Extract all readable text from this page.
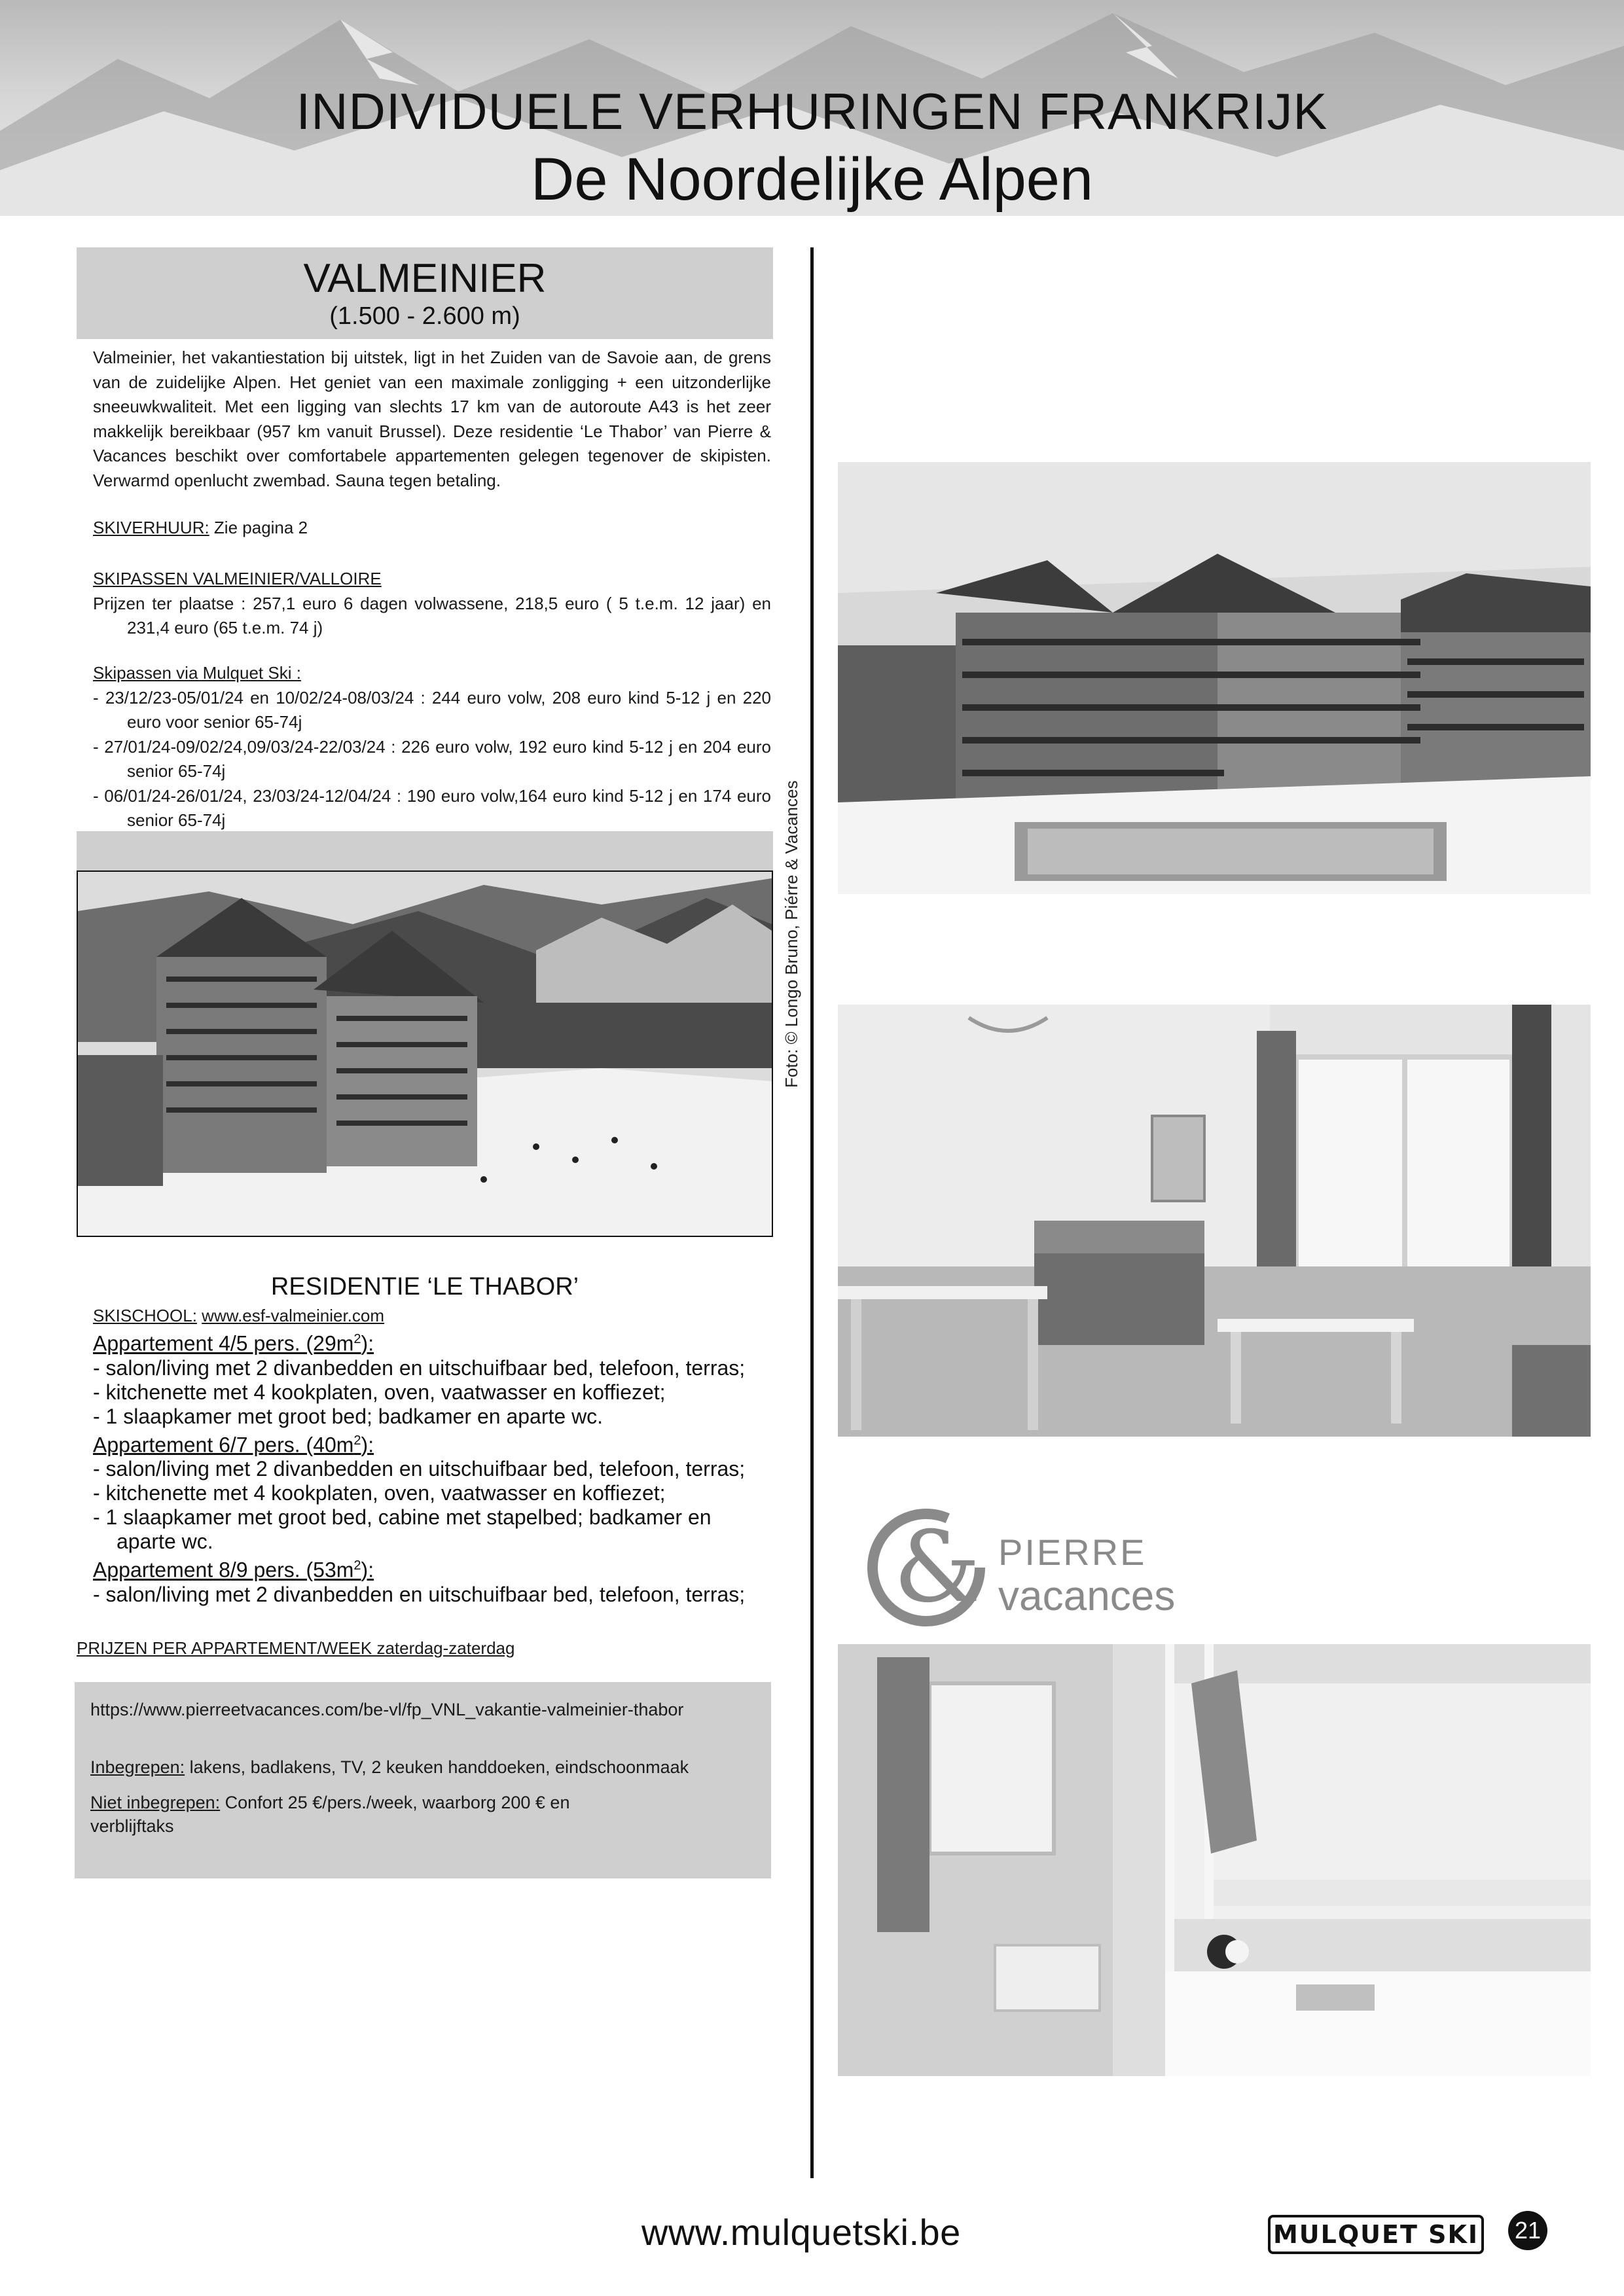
INDIVIDUELE VERHURINGEN FRANKRIJK
De Noordelijke Alpen
VALMEINIER
(1.500 - 2.600 m)
Valmeinier, het vakantiestation bij uitstek, ligt in het Zuiden van de Savoie aan, de grens van de zuidelijke Alpen. Het geniet van een maximale zonligging + een uitzonderlijke sneeuwkwaliteit. Met een ligging van slechts 17 km van de autoroute A43 is het zeer makkelijk bereikbaar (957 km vanuit Brussel). Deze residentie ‘Le Thabor’ van Pierre & Vacances beschikt over comfortabele appartementen gelegen tegenover de skipisten. Verwarmd openlucht zwembad. Sauna tegen betaling.
SKIVERHUUR: Zie pagina 2
SKIPASSEN VALMEINIER/VALLOIRE
Prijzen ter plaatse : 257,1 euro 6 dagen volwassene, 218,5 euro ( 5 t.e.m. 12 jaar) en 231,4 euro (65 t.e.m. 74 j)
Skipassen via Mulquet Ski :
- 23/12/23-05/01/24 en 10/02/24-08/03/24 : 244 euro volw, 208 euro kind 5-12 j en 220 euro voor senior 65-74j
- 27/01/24-09/02/24,09/03/24-22/03/24 : 226 euro volw, 192 euro kind 5-12 j en 204 euro senior 65-74j
- 06/01/24-26/01/24, 23/03/24-12/04/24 : 190 euro volw,164 euro kind 5-12 j en 174 euro senior 65-74j	Foto: © Longo Bruno, Piérre & Vacances
RESIDENTIE ‘LE THABOR’
SKISCHOOL: www.esf-valmeinier.com
Appartement 4/5 pers. $(29m^2)$:
- salon/living met 2 divanbedden en uitschuifbaar bed, telefoon, terras;
- kitchenette met 4 kookplaten, oven, vaatwasser en koffiezet;
- 1 slaapkamer met groot bed; badkamer en aparte wc.
Appartement 6/7 pers. $(40m^2)$:
- salon/living met 2 divanbedden en uitschuifbaar bed, telefoon, terras;
- kitchenette met 4 kookplaten, oven, vaatwasser en koffiezet;
- 1 slaapkamer met groot bed, cabine met stapelbed; badkamer en aparte wc.
Appartement 8/9 pers. $(53m^2)$:
- salon/living met 2 divanbedden en uitschuifbaar bed, telefoon, terras;
PRIJZEN PER APPARTEMENT/WEEK zaterdag-zaterdag
https://www.pierreetvacances.com/be-vl/fp_VNL_vakantie-valmeinier-thabor
Inbegrepen: lakens, badlakens, TV, 2 keuken handdoeken, eindschoonmaak
Niet inbegrepen: Confort 25 €/pers./week, waarborg 200 € en verblijftaks
& PIERRE
vacances
www.mulquetski.be	MULQUET SKI 21
